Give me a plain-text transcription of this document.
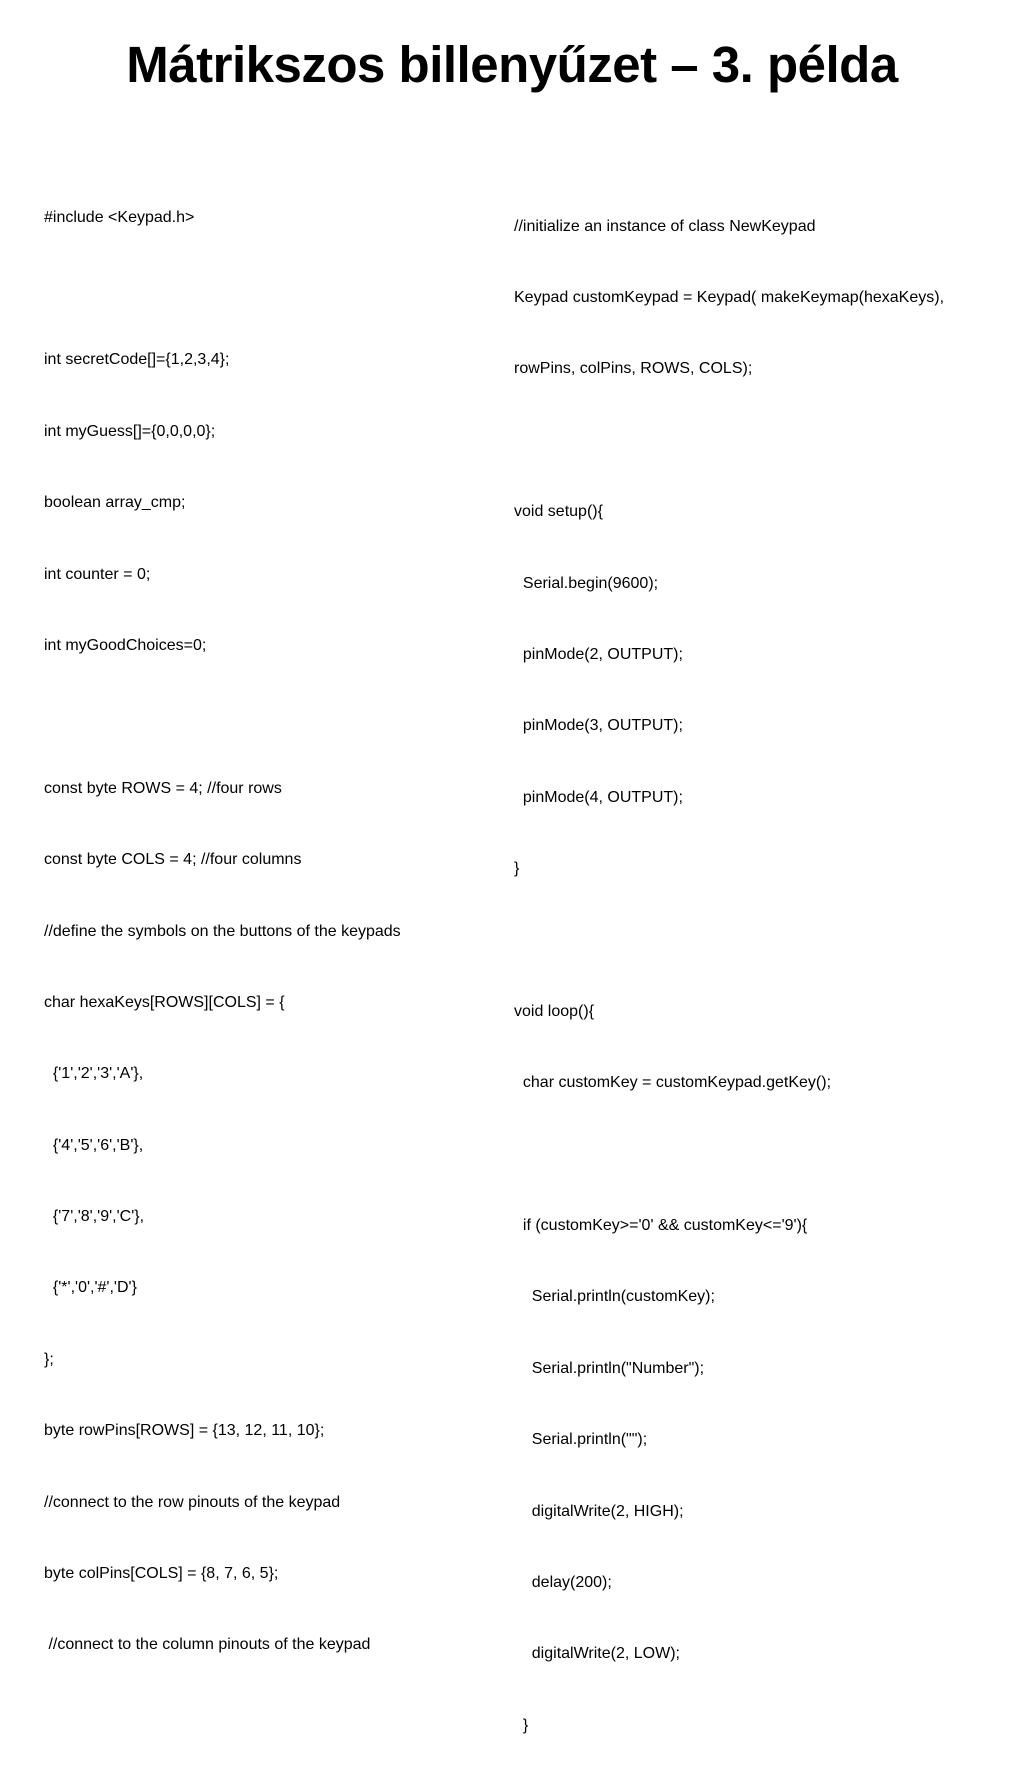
Mátrikszos billenyűzet – 3. példa

#include <Keypad.h>

int secretCode[]={1,2,3,4};

int myGuess[]={0,0,0,0};

boolean array_cmp;

int counter = 0;

int myGoodChoices=0;

const byte ROWS = 4; //four rows

const byte COLS = 4; //four columns

//define the symbols on the buttons of the keypads

char hexaKeys[ROWS][COLS] = {

{'1','2','3','A'},

{'4','5','6','B'},

{'7','8','9','C'},

{'*','0','#','D'}

};

byte rowPins[ROWS] = {13, 12, 11, 10};

//connect to the row pinouts of the keypad

byte colPins[COLS] = {8, 7, 6, 5};

//connect to the column pinouts of the keypad

//initialize an instance of class NewKeypad

Keypad customKeypad = Keypad( makeKeymap(hexaKeys),

rowPins, colPins, ROWS, COLS);

void setup(){

Serial.begin(9600);

pinMode(2, OUTPUT);

pinMode(3, OUTPUT);

pinMode(4, OUTPUT);

}

void loop(){

char customKey = customKeypad.getKey();

if (customKey>='0' && customKey<='9'){

Serial.println(customKey);

Serial.println("Number");

Serial.println("");

digitalWrite(2, HIGH);

delay(200);

digitalWrite(2, LOW);

}
